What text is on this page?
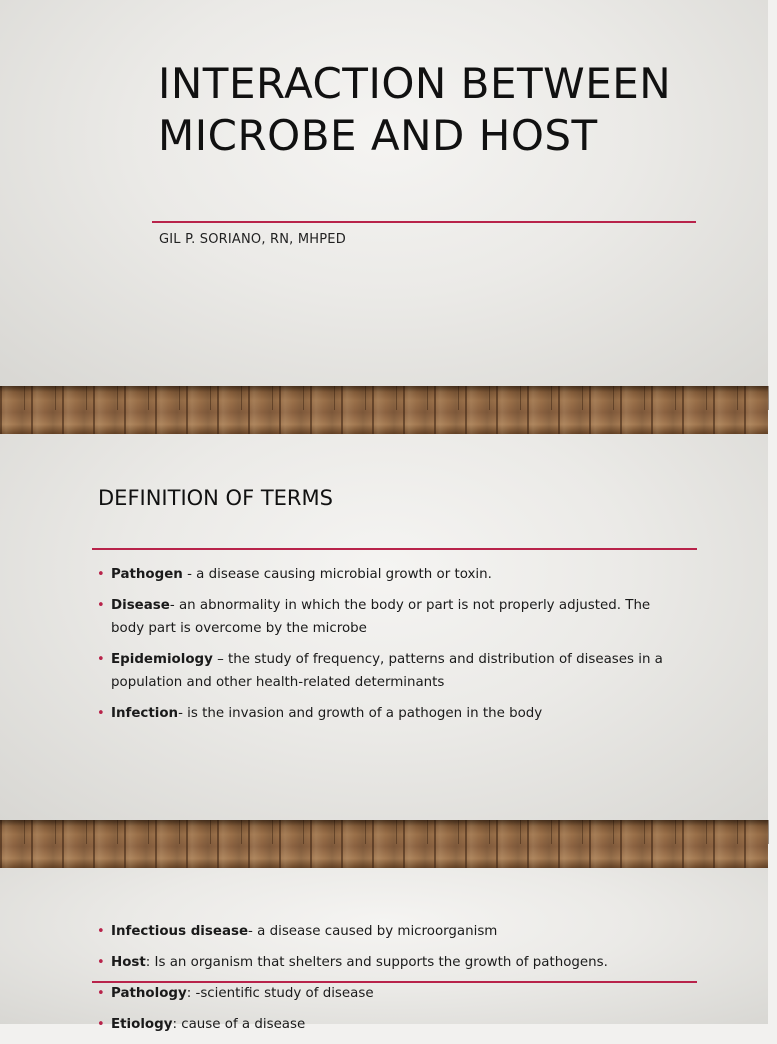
INTERACTION BETWEEN MICROBE AND HOST
GIL P. SORIANO, RN, MHPED
DEFINITION OF TERMS
• Pathogen - a disease causing microbial growth or toxin.
• Disease- an abnormality in which the body or part is not properly adjusted. The body part is overcome by the microbe
• Epidemiology – the study of frequency, patterns and distribution of diseases in a population and other health-related determinants
• Infection- is the invasion and growth of a pathogen in the body
• Infectious disease- a disease caused by microorganism
• Host: Is an organism that shelters and supports the growth of pathogens.
• Pathology: -scientific study of disease
• Etiology: cause of a disease
